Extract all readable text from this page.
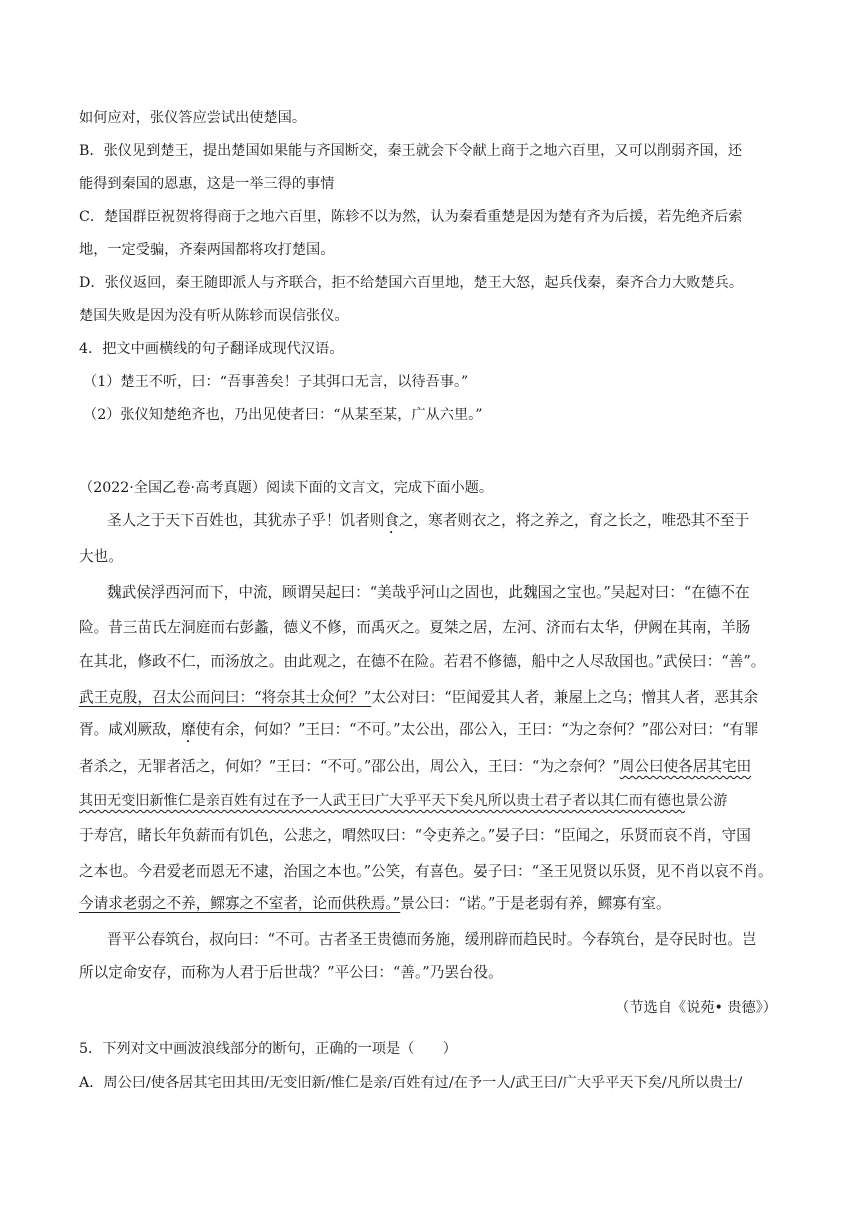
如何应对，张仪答应尝试出使楚国。
B．张仪见到楚王，提出楚国如果能与齐国断交，秦王就会下令献上商于之地六百里，又可以削弱齐国，还
能得到秦国的恩惠，这是一举三得的事情
C．楚国群臣祝贺将得商于之地六百里，陈轸不以为然，认为秦看重楚是因为楚有齐为后援，若先绝齐后索
地，一定受骗，齐秦两国都将攻打楚国。
D．张仪返回，秦王随即派人与齐联合，拒不给楚国六百里地，楚王大怒，起兵伐秦，秦齐合力大败楚兵。
楚国失败是因为没有听从陈轸而误信张仪。
4．把文中画横线的句子翻译成现代汉语。
（1）楚王不听，曰：“吾事善矣！子其弭口无言，以待吾事。”
（2）张仪知楚绝齐也，乃出见使者曰：“从某至某，广从六里。”
（2022·全国乙卷·高考真题）阅读下面的文言文，完成下面小题。
圣人之于天下百姓也，其犹赤子乎！饥者则食之，寒者则衣之，将之养之，育之长之，唯恐其不至于
大也。
魏武侯浮西河而下，中流，顾谓吴起曰：“美哉乎河山之固也，此魏国之宝也。”吴起对曰：“在德不在
险。昔三苗氏左洞庭而右彭蠡，德义不修，而禹灭之。夏桀之居，左河、济而右太华，伊阙在其南，羊肠
在其北，修政不仁，而汤放之。由此观之，在德不在险。若君不修德，船中之人尽敌国也。”武侯曰：“善”。
武王克殷，召太公而问曰：“将奈其士众何？”太公对曰：“臣闻爱其人者，兼屋上之乌；憎其人者，恶其余
胥。咸刈厥敌，靡使有余，何如？”王曰：“不可。”太公出，邵公入，王曰：“为之奈何？”邵公对曰：“有罪
者杀之，无罪者活之，何如？”王曰：“不可。”邵公出，周公入，王曰：“为之奈何？”周公曰使各居其宅田
其田无变旧新惟仁是亲百姓有过在予一人武王曰广大乎平天下矣凡所以贵士君子者以其仁而有德也景公游
于寿宫，睹长年负薪而有饥色，公悲之，喟然叹曰：“令吏养之。”晏子曰：“臣闻之，乐贤而哀不肖，守国
之本也。今君爱老而恩无不逮，治国之本也。”公笑，有喜色。晏子曰：“圣王见贤以乐贤，见不肖以哀不肖。
今请求老弱之不养，鳏寡之不室者，论而供秩焉。”景公曰：“诺。”于是老弱有养，鳏寡有室。
晋平公春筑台，叔向曰：“不可。古者圣王贵德而务施，缓刑辟而趋民时。今春筑台，是夺民时也。岂
所以定命安存，而称为人君于后世哉？”平公曰：“善。”乃罢台役。
（节选自《说苑• 贵德》）
5．下列对文中画波浪线部分的断句，正确的一项是（　　）
A．周公曰/使各居其宅田其田/无变旧新/惟仁是亲/百姓有过/在予一人/武王曰/广大乎平天下矣/凡所以贵士/
